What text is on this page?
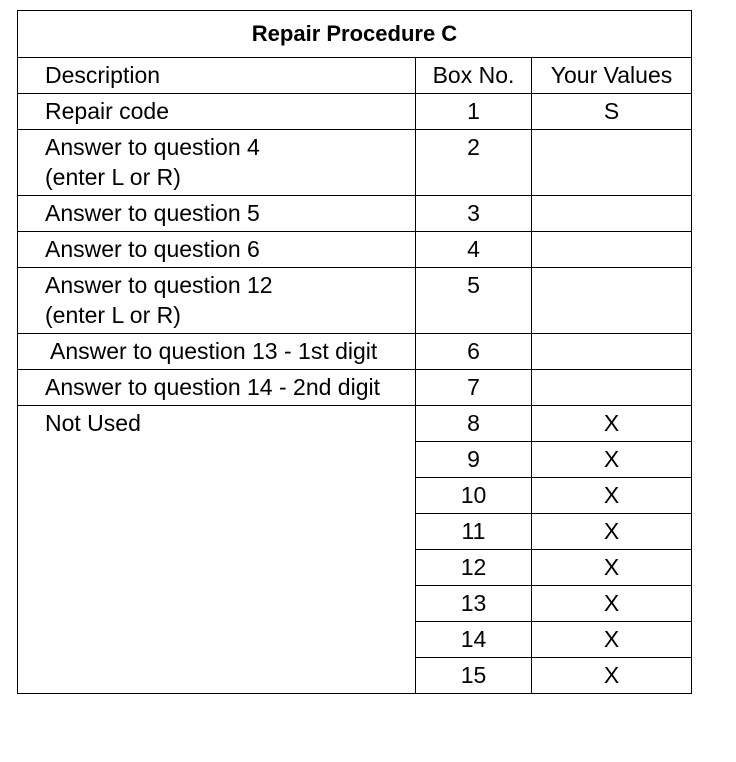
Repair Procedure C		
Description	Box No.	Your Values
Repair code	1	S
Answer to question 4
(enter L or R)	2	
Answer to question 5	3	
Answer to question 6	4	
Answer to question 12
(enter L or R)	5	
Answer to question 13 - 1st digit	6	
Answer to question 14 - 2nd digit	7	
Not Used	8	X
	9	X
	10	X
	11	X
	12	X
	13	X
	14	X
	15	X
